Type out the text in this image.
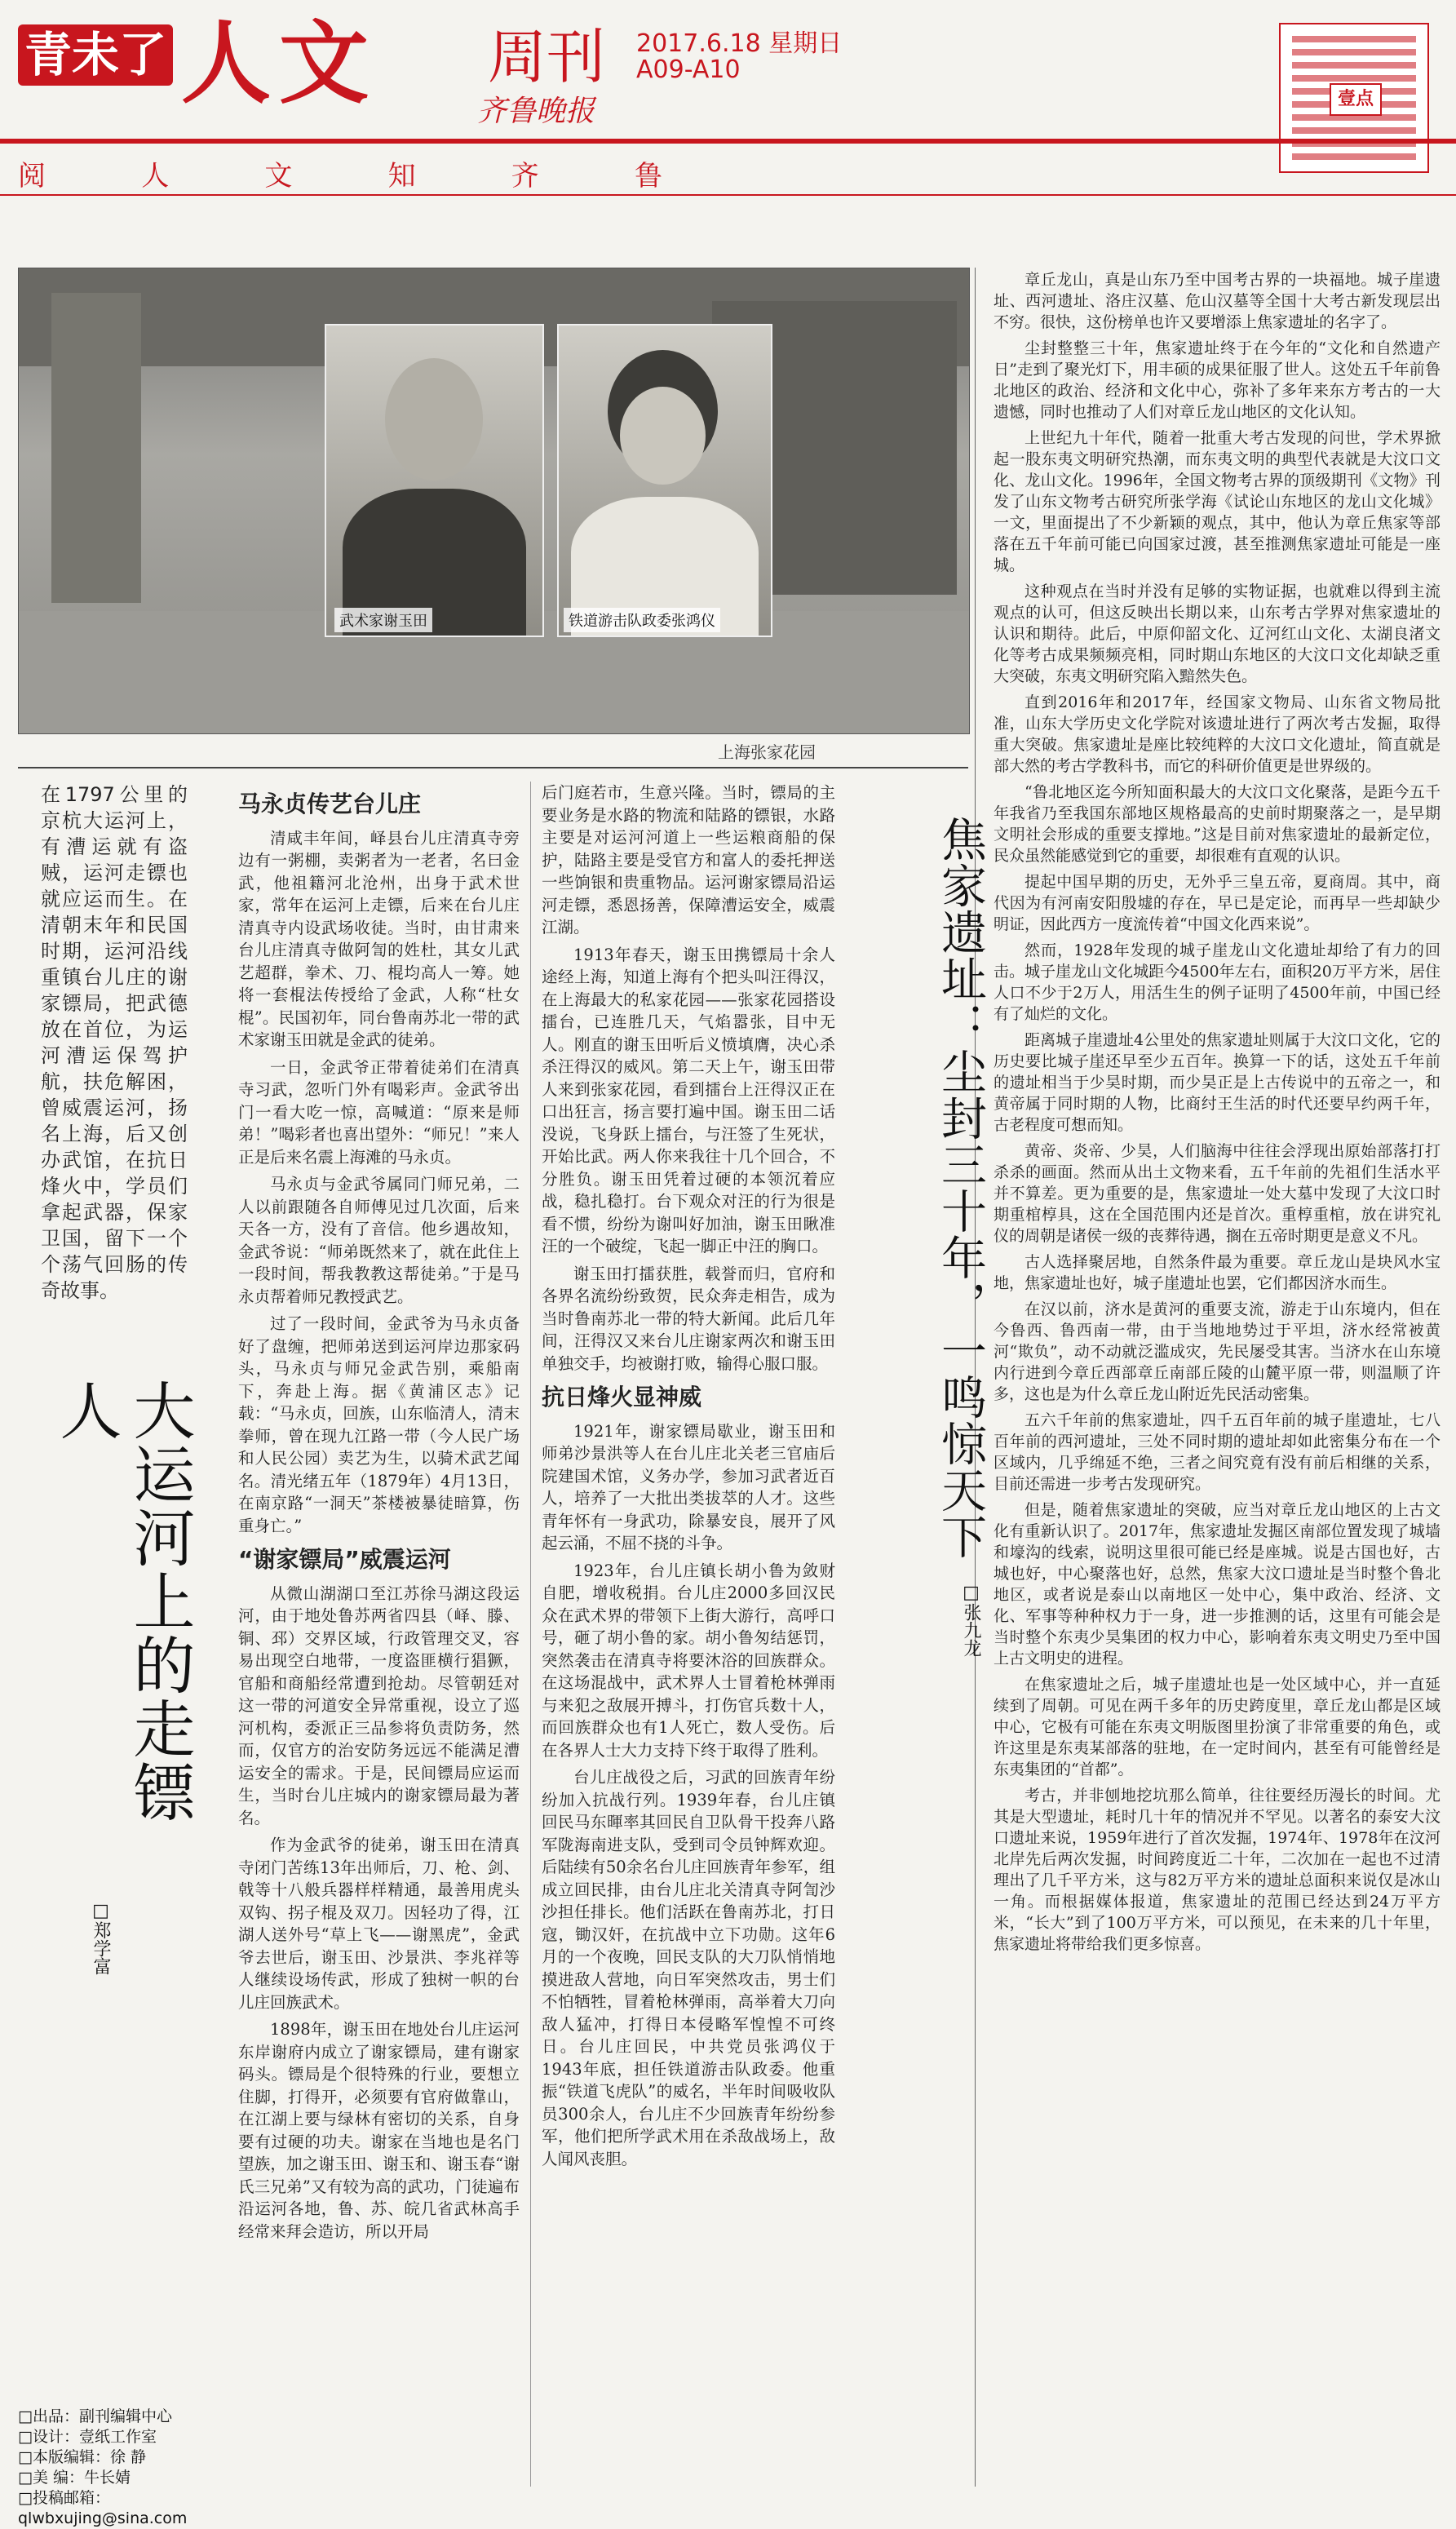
青未了 人文 周刊
齐鲁晚报
2017.6.18 星期日
A09-A10
壹点
阅	人	文	知	齐	鲁
武术家谢玉田	铁道游击队政委张鸿仪
上海张家花园
大运河上的走镖人
□郑学富
在1797公里的京杭大运河上，有漕运就有盗贼，运河走镖也就应运而生。在清朝末年和民国时期，运河沿线重镇台儿庄的谢家镖局，把武德放在首位，为运河漕运保驾护航，扶危解困，曾威震运河，扬名上海，后又创办武馆，在抗日烽火中，学员们拿起武器，保家卫国，留下一个个荡气回肠的传奇故事。
马永贞传艺台儿庄

清咸丰年间，峄县台儿庄清真寺旁边有一粥棚，卖粥者为一老者，名曰金武，他祖籍河北沧州，出身于武术世家，常年在运河上走镖，后来在台儿庄清真寺内设武场收徒。当时，由甘肃来台儿庄清真寺做阿訇的姓杜，其女儿武艺超群，拳术、刀、棍均高人一筹。她将一套棍法传授给了金武，人称“杜女棍”。民国初年，同台鲁南苏北一带的武术家谢玉田就是金武的徒弟。

一日，金武爷正带着徒弟们在清真寺习武，忽听门外有喝彩声。金武爷出门一看大吃一惊，高喊道：“原来是师弟！”喝彩者也喜出望外：“师兄！”来人正是后来名震上海滩的马永贞。

马永贞与金武爷属同门师兄弟，二人以前跟随各自师傅见过几次面，后来天各一方，没有了音信。他乡遇故知，金武爷说：“师弟既然来了，就在此住上一段时间，帮我教教这帮徒弟。”于是马永贞帮着师兄教授武艺。

过了一段时间，金武爷为马永贞备好了盘缠，把师弟送到运河岸边那家码头，马永贞与师兄金武告别，乘船南下，奔赴上海。据《黄浦区志》记载：“马永贞，回族，山东临清人，清末拳师，曾在现九江路一带（今人民广场和人民公园）卖艺为生，以骑术武艺闻名。清光绪五年（1879年）4月13日，在南京路“一洞天”茶楼被暴徒暗算，伤重身亡。”

“谢家镖局”威震运河

从微山湖湖口至江苏徐马湖这段运河，由于地处鲁苏两省四县（峄、滕、铜、邳）交界区域，行政管理交叉，容易出现空白地带，一度盗匪横行猖獗，官船和商船经常遭到抢劫。尽管朝廷对这一带的河道安全异常重视，设立了巡河机构，委派正三品参将负责防务，然而，仅官方的治安防务远远不能满足漕运安全的需求。于是，民间镖局应运而生，当时台儿庄城内的谢家镖局最为著名。

作为金武爷的徒弟，谢玉田在清真寺闭门苦练13年出师后，刀、枪、剑、戟等十八般兵器样样精通，最善用虎头双钩、拐子棍及双刀。因轻功了得，江湖人送外号“草上飞——谢黑虎”，金武爷去世后，谢玉田、沙景洪、李兆祥等人继续设场传武，形成了独树一帜的台儿庄回族武术。

1898年，谢玉田在地处台儿庄运河东岸谢府内成立了谢家镖局，建有谢家码头。镖局是个很特殊的行业，要想立住脚，打得开，必须要有官府做靠山，在江湖上要与绿林有密切的关系，自身要有过硬的功夫。谢家在当地也是名门望族，加之谢玉田、谢玉和、谢玉春“谢氏三兄弟”又有较为高的武功，门徒遍布沿运河各地，鲁、苏、皖几省武林高手经常来拜会造访，所以开局

后门庭若市，生意兴隆。当时，镖局的主要业务是水路的物流和陆路的镖银，水路主要是对运河河道上一些运粮商船的保护，陆路主要是受官方和富人的委托押送一些饷银和贵重物品。运河谢家镖局沿运河走镖，悉恩扬善，保障漕运安全，威震江湖。

1913年春天，谢玉田携镖局十余人途经上海，知道上海有个把头叫汪得汉，在上海最大的私家花园——张家花园搭设擂台，已连胜几天，气焰嚣张，目中无人。刚直的谢玉田听后义愤填膺，决心杀杀汪得汉的威风。第二天上午，谢玉田带人来到张家花园，看到擂台上汪得汉正在口出狂言，扬言要打遍中国。谢玉田二话没说，飞身跃上擂台，与汪签了生死状，开始比武。两人你来我往十几个回合，不分胜负。谢玉田凭着过硬的本领沉着应战，稳扎稳打。台下观众对汪的行为很是看不惯，纷纷为谢叫好加油，谢玉田瞅准汪的一个破绽，飞起一脚正中汪的胸口。

谢玉田打擂获胜，载誉而归，官府和各界名流纷纷致贺，民众奔走相告，成为当时鲁南苏北一带的特大新闻。此后几年间，汪得汉又来台儿庄谢家两次和谢玉田单独交手，均被谢打败，输得心服口服。

抗日烽火显神威

1921年，谢家镖局歇业，谢玉田和师弟沙景洪等人在台儿庄北关老三官庙后院建国术馆，义务办学，参加习武者近百人，培养了一大批出类拔萃的人才。这些青年怀有一身武功，除暴安良，展开了风起云涌，不屈不挠的斗争。

1923年，台儿庄镇长胡小鲁为敛财自肥，增收税捐。台儿庄2000多回汉民众在武术界的带领下上街大游行，高呼口号，砸了胡小鲁的家。胡小鲁匆结惩罚，突然袭击在清真寺将要沐浴的回族群众。在这场混战中，武术界人士冒着枪林弹雨与来犯之敌展开搏斗，打伤官兵数十人，而回族群众也有1人死亡，数人受伤。后在各界人士大力支持下终于取得了胜利。

台儿庄战役之后，习武的回族青年纷纷加入抗战行列。1939年春，台儿庄镇回民马东暉率其回民自卫队骨干投奔八路军陇海南进支队，受到司令员钟辉欢迎。后陆续有50余名台儿庄回族青年参军，组成立回民排，由台儿庄北关清真寺阿訇沙沙担任排长。他们活跃在鲁南苏北，打日寇，锄汉奸，在抗战中立下功勋。这年6月的一个夜晚，回民支队的大刀队悄悄地摸进敌人营地，向日军突然攻击，男士们不怕牺牲，冒着枪林弹雨，高举着大刀向敌人猛冲，打得日本侵略军惶惶不可终日。台儿庄回民，中共党员张鸿仪于1943年底，担任铁道游击队政委。他重振“铁道飞虎队”的威名，半年时间吸收队员300余人，台儿庄不少回族青年纷纷参军，他们把所学武术用在杀敌战场上，敌人闻风丧胆。

焦家遗址：尘封三十年，一鸣惊天下
□张九龙

章丘龙山，真是山东乃至中国考古界的一块福地。城子崖遗址、西河遗址、洛庄汉墓、危山汉墓等全国十大考古新发现层出不穷。很快，这份榜单也许又要增添上焦家遗址的名字了。

尘封整整三十年，焦家遗址终于在今年的“文化和自然遗产日”走到了聚光灯下，用丰硕的成果征服了世人。这处五千年前鲁北地区的政治、经济和文化中心，弥补了多年来东方考古的一大遗憾，同时也推动了人们对章丘龙山地区的文化认知。

上世纪九十年代，随着一批重大考古发现的问世，学术界掀起一股东夷文明研究热潮，而东夷文明的典型代表就是大汶口文化、龙山文化。1996年，全国文物考古界的顶级期刊《文物》刊发了山东文物考古研究所张学海《试论山东地区的龙山文化城》一文，里面提出了不少新颖的观点，其中，他认为章丘焦家等部落在五千年前可能已向国家过渡，甚至推测焦家遗址可能是一座城。

这种观点在当时并没有足够的实物证据，也就难以得到主流观点的认可，但这反映出长期以来，山东考古学界对焦家遗址的认识和期待。此后，中原仰韶文化、辽河红山文化、太湖良渚文化等考古成果频频亮相，同时期山东地区的大汶口文化却缺乏重大突破，东夷文明研究陷入黯然失色。

直到2016年和2017年，经国家文物局、山东省文物局批准，山东大学历史文化学院对该遗址进行了两次考古发掘，取得重大突破。焦家遗址是座比较纯粹的大汶口文化遗址，简直就是部大然的考古学教科书，而它的科研价值更是世界级的。

“鲁北地区迄今所知面积最大的大汶口文化聚落，是距今五千年我省乃至我国东部地区规格最高的史前时期聚落之一，是早期文明社会形成的重要支撑地。”这是目前对焦家遗址的最新定位，民众虽然能感觉到它的重要，却很难有直观的认识。

提起中国早期的历史，无外乎三皇五帝，夏商周。其中，商代因为有河南安阳殷墟的存在，早已是定论，而再早一些却缺少明证，因此西方一度流传着“中国文化西来说”。

然而，1928年发现的城子崖龙山文化遗址却给了有力的回击。城子崖龙山文化城距今4500年左右，面积20万平方米，居住人口不少于2万人，用活生生的例子证明了4500年前，中国已经有了灿烂的文化。

距离城子崖遗址4公里处的焦家遗址则属于大汶口文化，它的历史要比城子崖还早至少五百年。换算一下的话，这处五千年前的遗址相当于少昊时期，而少昊正是上古传说中的五帝之一，和黄帝属于同时期的人物，比商纣王生活的时代还要早约两千年，古老程度可想而知。

黄帝、炎帝、少昊，人们脑海中往往会浮现出原始部落打打杀杀的画面。然而从出土文物来看，五千年前的先祖们生活水平并不算差。更为重要的是，焦家遗址一处大墓中发现了大汶口时期重棺椁具，这在全国范围内还是首次。重椁重棺，放在讲究礼仪的周朝是诸侯一级的丧葬待遇，搁在五帝时期更是意义不凡。

古人选择聚居地，自然条件最为重要。章丘龙山是块风水宝地，焦家遗址也好，城子崖遗址也罢，它们都因济水而生。

在汉以前，济水是黄河的重要支流，游走于山东境内，但在今鲁西、鲁西南一带，由于当地地势过于平坦，济水经常被黄河“欺负”，动不动就泛滥成灾，先民屡受其害。当济水在山东境内行进到今章丘西部章丘南部丘陵的山麓平原一带，则温顺了许多，这也是为什么章丘龙山附近先民活动密集。

五六千年前的焦家遗址，四千五百年前的城子崖遗址，七八百年前的西河遗址，三处不同时期的遗址却如此密集分布在一个区域内，几乎绵延不绝，三者之间究竟有没有前后相继的关系，目前还需进一步考古发现研究。

但是，随着焦家遗址的突破，应当对章丘龙山地区的上古文化有重新认识了。2017年，焦家遗址发掘区南部位置发现了城墙和壕沟的线索，说明这里很可能已经是座城。说是古国也好，古城也好，中心聚落也好，总然，焦家大汶口遗址是当时整个鲁北地区，或者说是泰山以南地区一处中心，集中政治、经济、文化、军事等种种权力于一身，进一步推测的话，这里有可能会是当时整个东夷少昊集团的权力中心，影响着东夷文明史乃至中国上古文明史的进程。

在焦家遗址之后，城子崖遗址也是一处区域中心，并一直延续到了周朝。可见在两千多年的历史跨度里，章丘龙山都是区域中心，它极有可能在东夷文明版图里扮演了非常重要的角色，或许这里是东夷某部落的驻地，在一定时间内，甚至有可能曾经是东夷集团的“首都”。

考古，并非刨地挖坑那么简单，往往要经历漫长的时间。尤其是大型遗址，耗时几十年的情况并不罕见。以著名的泰安大汶口遗址来说，1959年进行了首次发掘，1974年、1978年在汶河北岸先后两次发掘，时间跨度近二十年，二次加在一起也不过清理出了几千平方米，这与82万平方米的遗址总面积来说仅是冰山一角。而根据媒体报道，焦家遗址的范围已经达到24万平方米，“长大”到了100万平方米，可以预见，在未来的几十年里，焦家遗址将带给我们更多惊喜。

□出品：副刊编辑中心
□设计：壹纸工作室
□本版编辑：徐 静
□美 编：牛长婧
□投稿邮箱：
qlwbxujing@sina.com
